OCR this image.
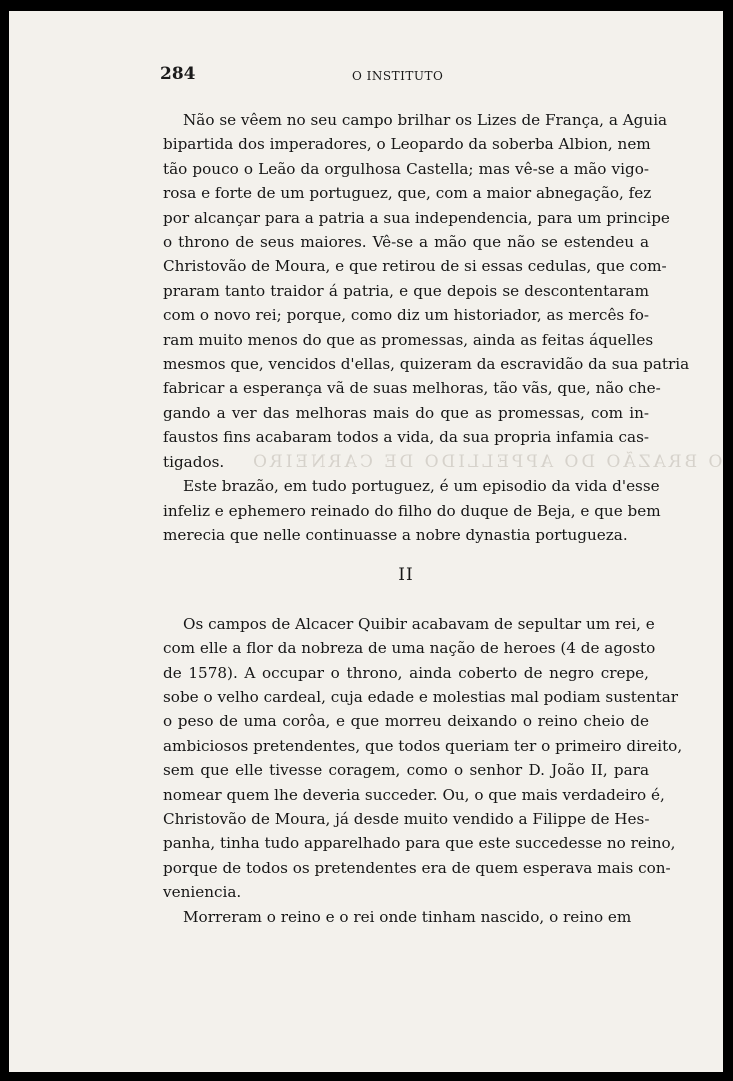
O BRAZÃO DO APPELLIDO DE CARNEIRO
284	O INSTITUTO
Não se vêem no seu campo brilhar os Lizes de França, a Aguia
bipartida dos imperadores, o Leopardo da soberba Albion, nem
tão pouco o Leão da orgulhosa Castella; mas vê-se a mão vigo-
rosa e forte de um portuguez, que, com a maior abnegação, fez
por alcançar para a patria a sua independencia, para um principe
o throno de seus maiores. Vê-se a mão que não se estendeu a
Christovão de Moura, e que retirou de si essas cedulas, que com-
praram tanto traidor á patria, e que depois se descontentaram
com o novo rei; porque, como diz um historiador, as mercês fo-
ram muito menos do que as promessas, ainda as feitas áquelles
mesmos que, vencidos d'ellas, quizeram da escravidão da sua patria
fabricar a esperança vã de suas melhoras, tão vãs, que, não che-
gando a ver das melhoras mais do que as promessas, com in-
faustos fins acabaram todos a vida, da sua propria infamia cas-
tigados.
Este brazão, em tudo portuguez, é um episodio da vida d'esse
infeliz e ephemero reinado do filho do duque de Beja, e que bem
merecia que nelle continuasse a nobre dynastia portugueza.
II
Os campos de Alcacer Quibir acabavam de sepultar um rei, e
com elle a flor da nobreza de uma nação de heroes (4 de agosto
de 1578). A occupar o throno, ainda coberto de negro crepe,
sobe o velho cardeal, cuja edade e molestias mal podiam sustentar
o peso de uma corôa, e que morreu deixando o reino cheio de
ambiciosos pretendentes, que todos queriam ter o primeiro direito,
sem que elle tivesse coragem, como o senhor D. João II, para
nomear quem lhe deveria succeder. Ou, o que mais verdadeiro é,
Christovão de Moura, já desde muito vendido a Filippe de Hes-
panha, tinha tudo apparelhado para que este succedesse no reino,
porque de todos os pretendentes era de quem esperava mais con-
veniencia.
Morreram o reino e o rei onde tinham nascido, o reino em
